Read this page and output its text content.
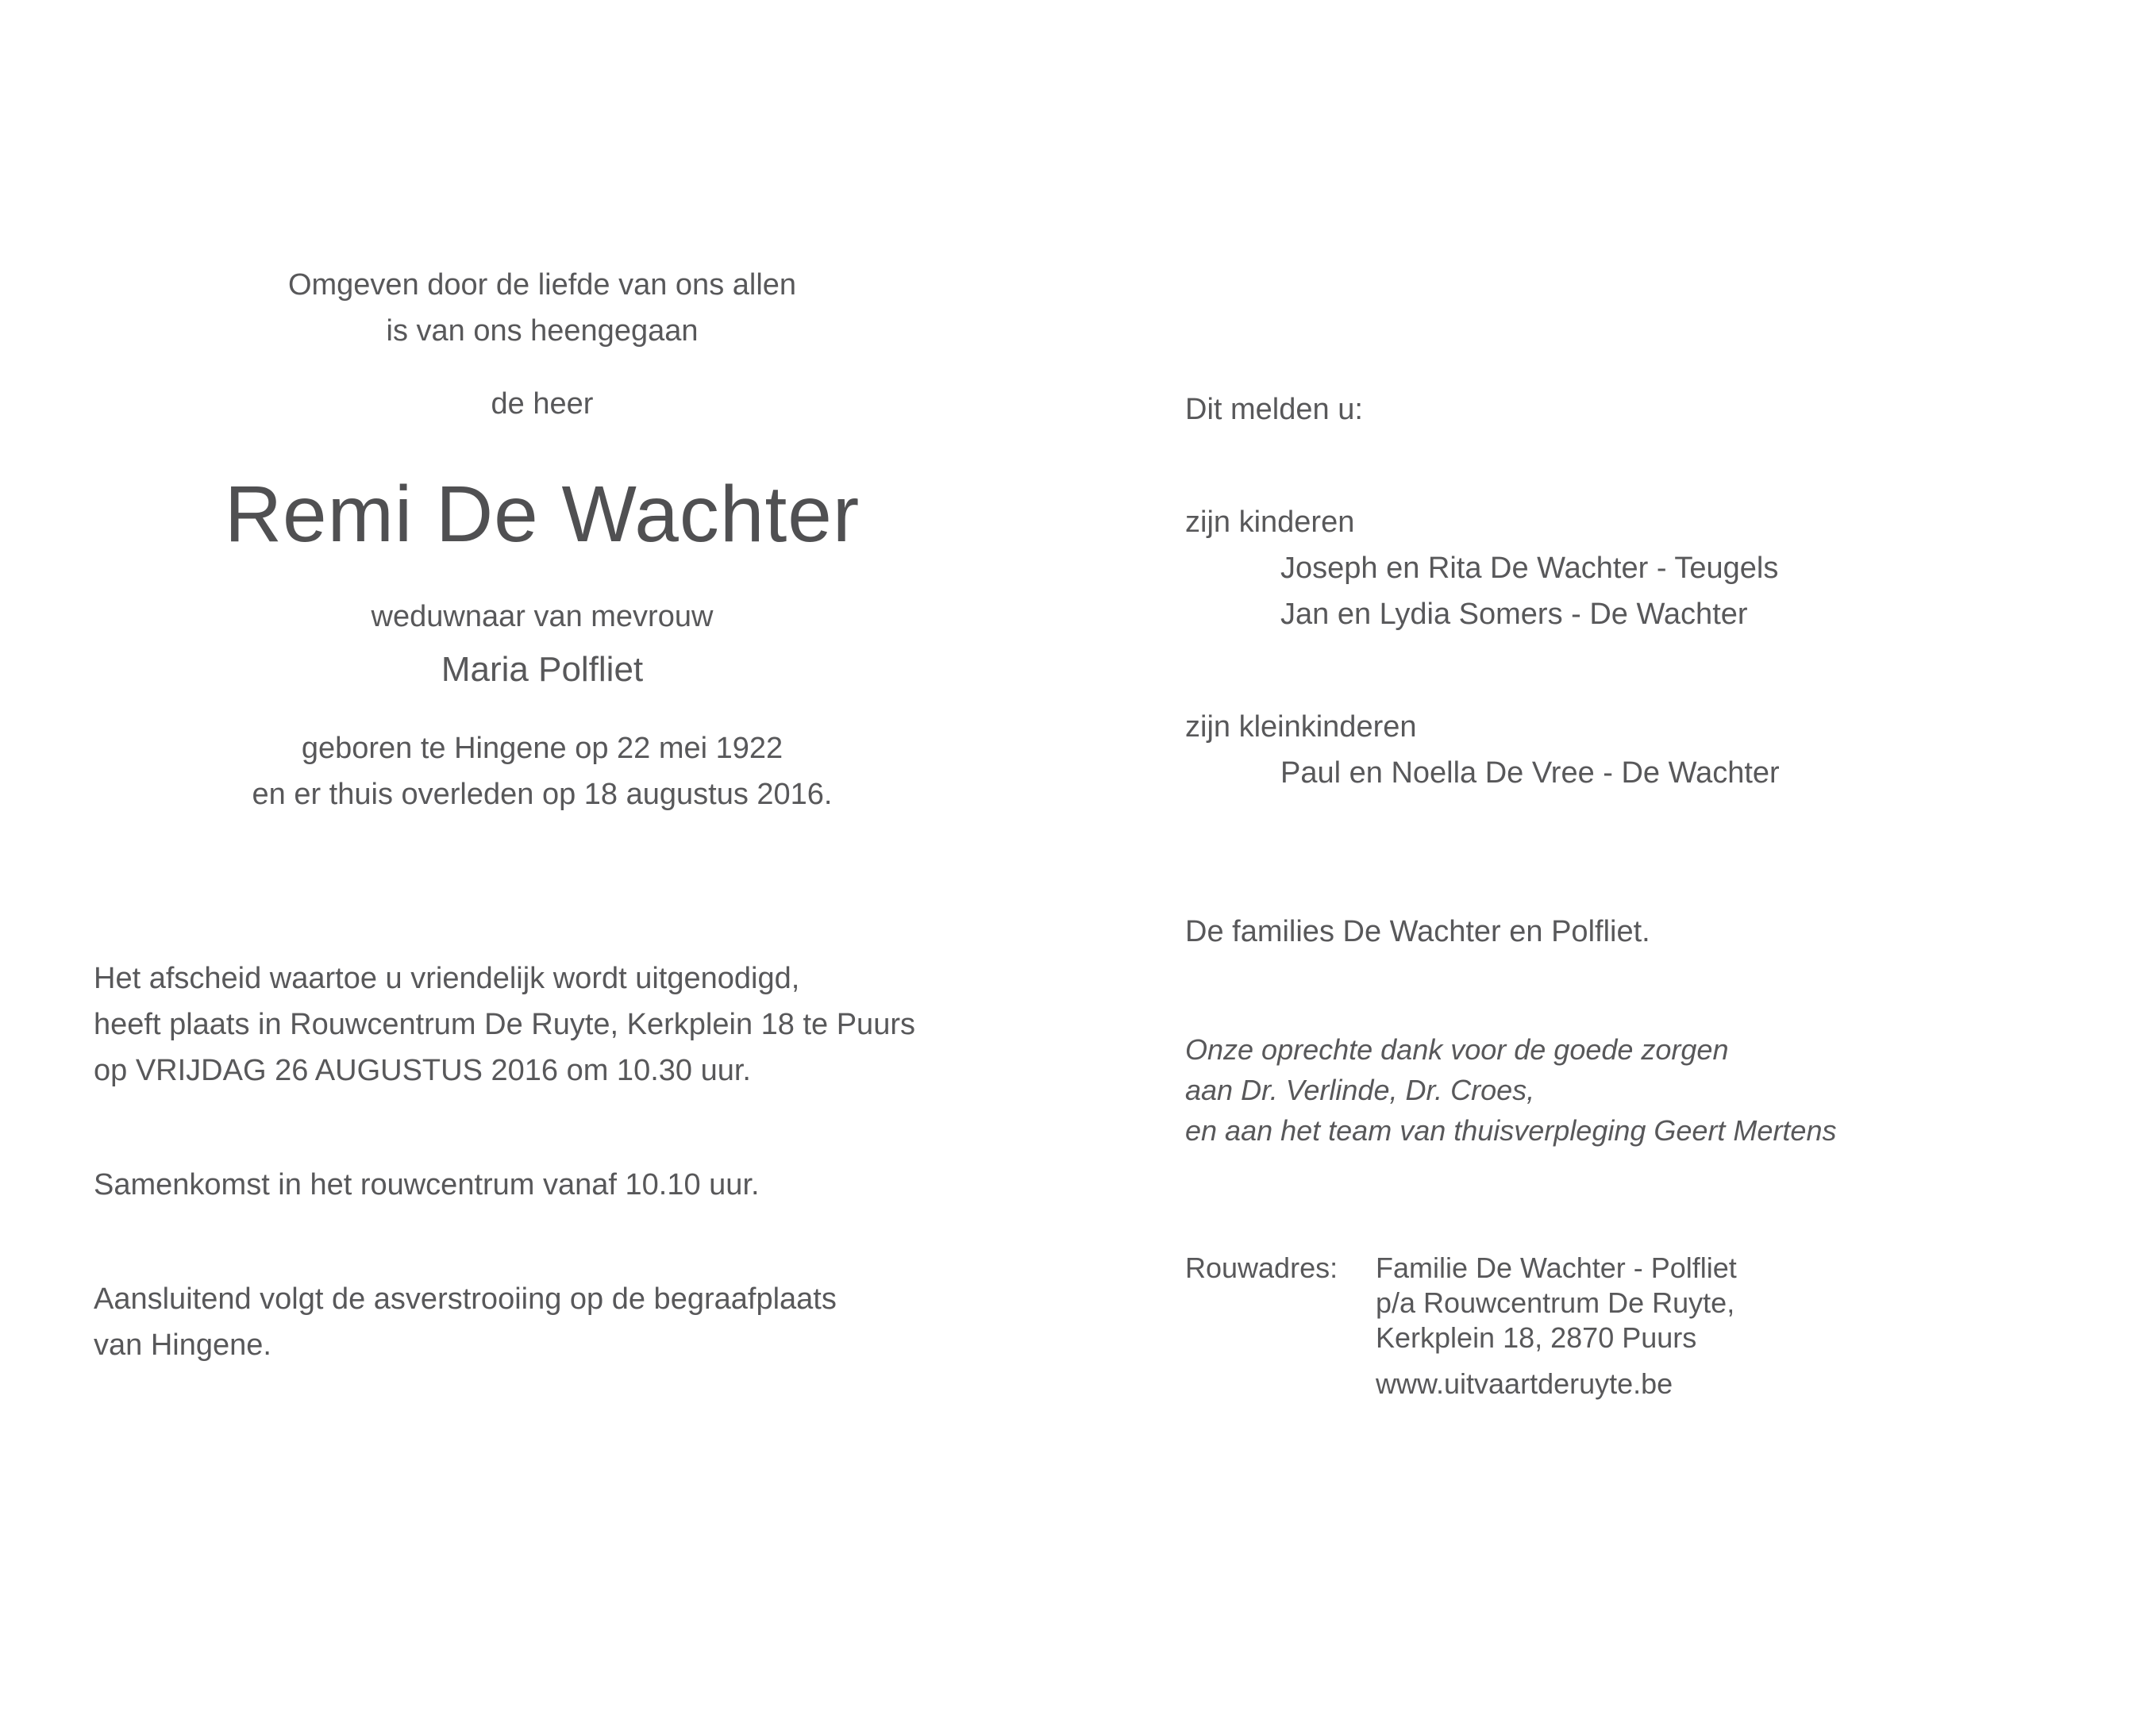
Omgeven door de liefde van ons allen
is van ons heengegaan
de heer
Remi De Wachter
weduwnaar van mevrouw
Maria Polfliet
geboren te Hingene op 22 mei 1922
en er thuis overleden op 18 augustus 2016.
Het afscheid waartoe u vriendelijk wordt uitgenodigd,
heeft plaats in Rouwcentrum De Ruyte, Kerkplein 18 te Puurs
op VRIJDAG 26 AUGUSTUS 2016 om 10.30 uur.
Samenkomst in het rouwcentrum vanaf 10.10 uur.
Aansluitend volgt de asverstrooiing op de begraafplaats
van Hingene.
Dit melden u:
zijn kinderen
Joseph en Rita De Wachter - Teugels
Jan en Lydia Somers - De Wachter
zijn kleinkinderen
Paul en Noella De Vree - De Wachter
De families De Wachter en Polfliet.
Onze oprechte dank voor de goede zorgen
aan Dr. Verlinde, Dr. Croes,
en aan het team van thuisverpleging Geert Mertens
Rouwadres:	Familie De Wachter - Polfliet
p/a Rouwcentrum De Ruyte,
Kerkplein 18, 2870 Puurs
www.uitvaartderuyte.be
